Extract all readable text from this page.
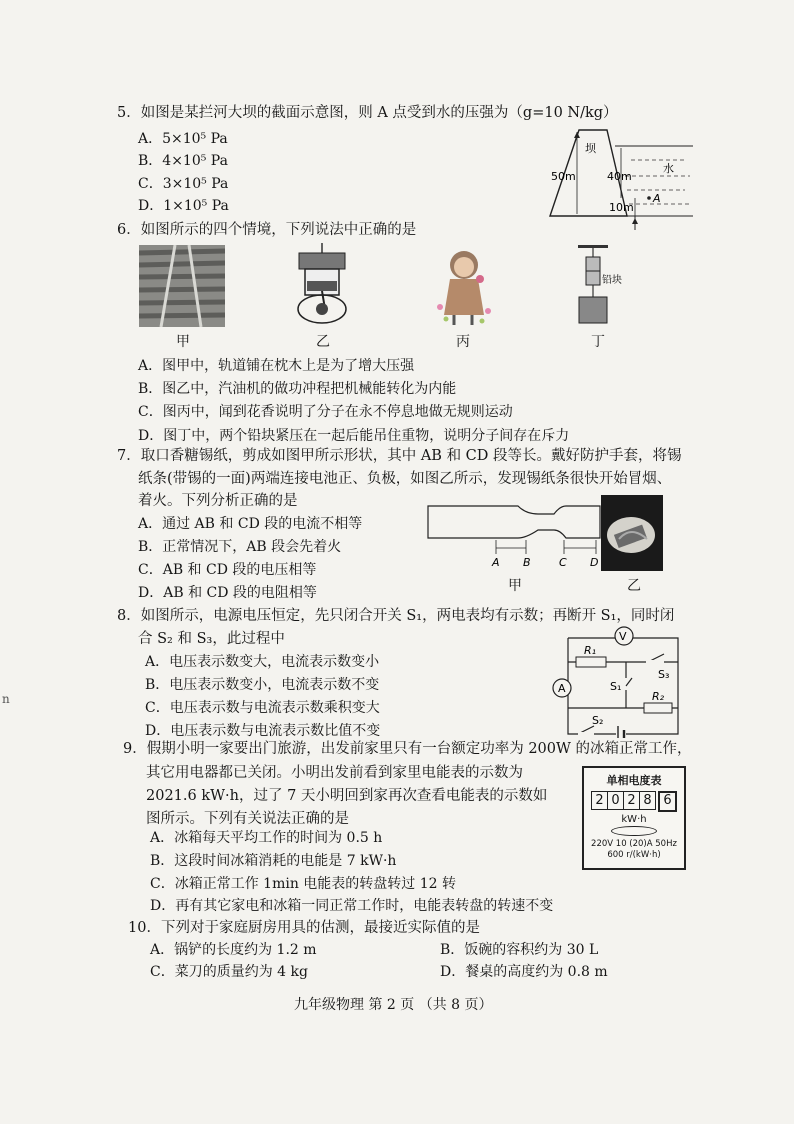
n
5．如图是某拦河大坝的截面示意图，则 A 点受到水的压强为（g=10 N/kg）
A．5×10⁵ Pa
B．4×10⁵ Pa
C．3×10⁵ Pa
D．1×10⁵ Pa
坝
50m	40m
水
10m
A
6．如图所示的四个情境，下列说法中正确的是
甲	乙	丙
铅块
丁
A．图甲中，轨道铺在枕木上是为了增大压强
B．图乙中，汽油机的做功冲程把机械能转化为内能
C．图丙中，闻到花香说明了分子在永不停息地做无规则运动
D．图丁中，两个铅块紧压在一起后能吊住重物，说明分子间存在斥力
7．取口香糖锡纸，剪成如图甲所示形状，其中 AB 和 CD 段等长。戴好防护手套，将锡
纸条(带锡的一面)两端连接电池正、负极，如图乙所示，发现锡纸条很快开始冒烟、
着火。下列分析正确的是
A．通过 AB 和 CD 段的电流不相等
B．正常情况下，AB 段会先着火
C．AB 和 CD 段的电压相等
D．AB 和 CD 段的电阻相等
A B	C D
甲	乙
8．如图所示，电源电压恒定，先只闭合开关 S₁，两电表均有示数；再断开 S₁，同时闭
合 S₂ 和 S₃，此过程中
A．电压表示数变大，电流表示数变小
B．电压表示数变小，电流表示数不变
C．电压表示数与电流表示数乘积变大
D．电压表示数与电流表示数比值不变
V
R₁
S₃
A	S₁
R₂
S₂
9．假期小明一家要出门旅游，出发前家里只有一台额定功率为 200W 的冰箱正常工作，
其它用电器都已关闭。小明出发前看到家里电能表的示数为
2021.6 kW·h，过了 7 天小明回到家再次查看电能表的示数如
图所示。下列有关说法正确的是
A．冰箱每天平均工作的时间为 0.5 h
B．这段时间冰箱消耗的电能是 7 kW·h
C．冰箱正常工作 1min 电能表的转盘转过 12 转
D．再有其它家电和冰箱一同正常工作时，电能表转盘的转速不变
单相电度表
2 0 2 8 6
kW·h
220V 10 (20)A 50Hz
600 r/(kW·h)
10．下列对于家庭厨房用具的估测，最接近实际值的是
A．锅铲的长度约为 1.2 m	B．饭碗的容积约为 30 L
C．菜刀的质量约为 4 kg	D．餐桌的高度约为 0.8 m
九年级物理 第 2 页 （共 8 页）
